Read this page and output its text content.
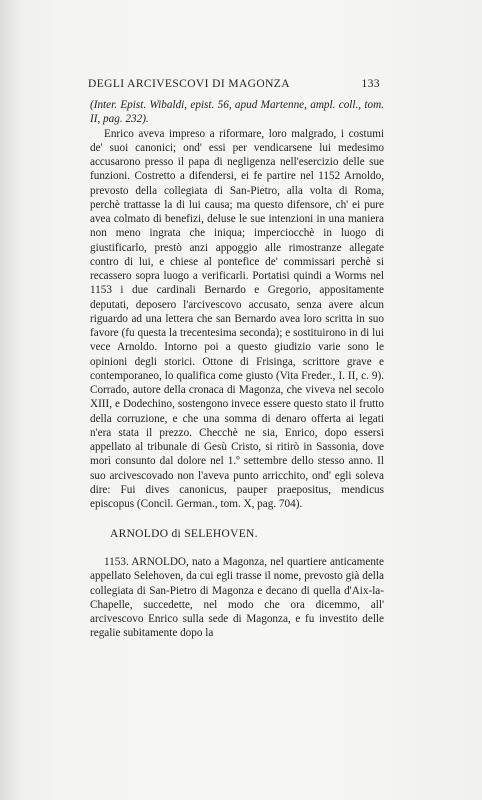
DEGLI ARCIVESCOVI DI MAGONZA	133

(Inter. Epist. Wibaldi, epist. 56, apud Martenne, ampl. coll., tom. II, pag. 232).

Enrico aveva impreso a riformare, loro malgrado, i costumi de' suoi canonici; ond' essi per vendicarsene lui medesimo accusarono presso il papa di negligenza nell'esercizio delle sue funzioni. Costretto a difendersi, ei fe partire nel 1152 Arnoldo, prevosto della collegiata di San-Pietro, alla volta di Roma, perchè trattasse la di lui causa; ma questo difensore, ch' ei pure avea colmato di benefizi, deluse le sue intenzioni in una maniera non meno ingrata che iniqua; imperciocchè in luogo di giustificarlo, prestò anzi appoggio alle rimostranze allegate contro di lui, e chiese al pontefice de' commissari perchè si recassero sopra luogo a verificarli. Portatisi quindi a Worms nel 1153 i due cardinali Bernardo e Gregorio, appositamente deputati, deposero l'arcivescovo accusato, senza avere alcun riguardo ad una lettera che san Bernardo avea loro scritta in suo favore (fu questa la trecentesima seconda); e sostituirono in di lui vece Arnoldo. Intorno poi a questo giudizio varie sono le opinioni degli storici. Ottone di Frisinga, scrittore grave e contemporaneo, lo qualifica come giusto (Vita Freder., I. II, c. 9). Corrado, autore della cronaca di Magonza, che viveva nel secolo XIII, e Dodechino, sostengono invece essere questo stato il frutto della corruzione, e che una somma di denaro offerta ai legati n'era stata il prezzo. Checchè ne sia, Enrico, dopo essersi appellato al tribunale di Gesù Cristo, si ritirò in Sassonia, dove morì consunto dal dolore nel 1.º settembre dello stesso anno. Il suo arcivescovado non l'aveva punto arricchito, ond' egli soleva dire: Fui dives canonicus, pauper praepositus, mendicus episcopus (Concil. German., tom. X, pag. 704).

ARNOLDO di SELEHOVEN.

1153. ARNOLDO, nato a Magonza, nel quartiere anticamente appellato Selehoven, da cui egli trasse il nome, prevosto già della collegiata di San-Pietro di Magonza e decano di quella d'Aix-la-Chapelle, succedette, nel modo che ora dicemmo, all' arcivescovo Enrico sulla sede di Magonza, e fu investito delle regalie subitamente dopo la
